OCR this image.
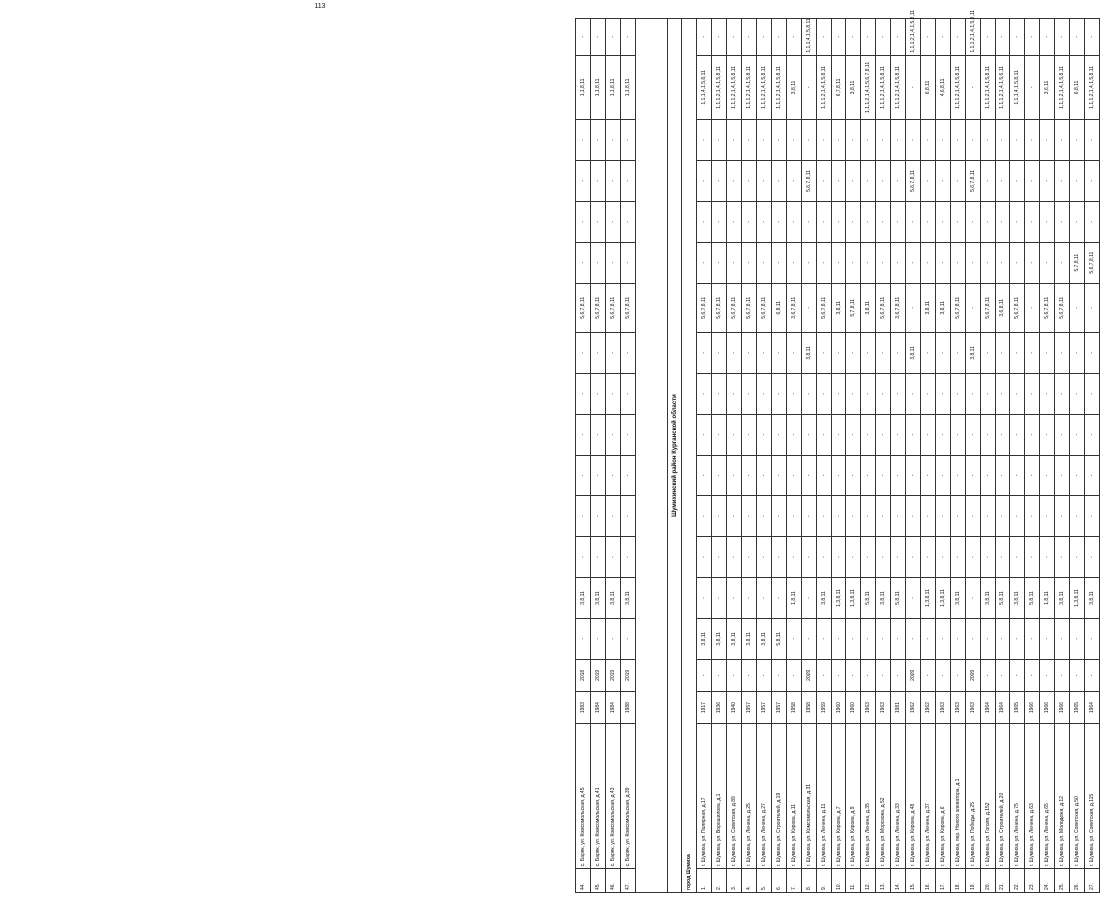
113
44.	с. Баряк, ул. Комсомольская, д.45	1983	2018	-	3,8,11	-	-	-	-	-	-	5,6,7,8,11	-	-	-	-	1,1,8,11	-
45.	с. Баряк, ул. Комсомольская, д.41	1984	2019	-	3,8,11	-	-	-	-	-	-	5,6,7,8,11	-	-	-	-	1,1,8,11	-
46.	с. Баряк, ул. Комсомольская, д.43	1984	2019	-	3,8,11	-	-	-	-	-	-	5,6,7,8,11	-	-	-	-	1,1,8,11	-
47.	с. Баряк, ул. Комсомольская, д.39	1988	2019	-	3,8,11	-	-	-	-	-	-	5,6,7,8,11	-	-	-	-	1,1,8,11	-

Шумихинский район Курганской области																		
город Шумиха																		
1.	г. Шумиха, ул. Полярная, д.17	1917	-	3,8,11	-	-	-	-	-	-	-	5,6,7,8,11	-	-	-	-	1,1,1,4,1,5,8,11	-
2.	г. Шумиха, ул. Ворошилова, д.1	1936	-	3,8,11	-	-	-	-	-	-	-	5,6,7,8,11	-	-	-	-	1,1,1,2,1,4,1,5,8,11	-
3.	г. Шумиха, ул. Советская, д.89	1940	-	3,8,11	-	-	-	-	-	-	-	5,6,7,8,11	-	-	-	-	1,1,1,2,1,4,1,5,8,11	-
4.	г. Шумиха, ул. Ленина, д.25	1957	-	3,8,11	-	-	-	-	-	-	-	5,6,7,8,11	-	-	-	-	1,1,1,2,1,4,1,5,8,11	-
5.	г. Шумиха, ул. Ленина, д.27	1957	-	3,8,11	-	-	-	-	-	-	-	5,6,7,8,11	-	-	-	-	1,1,1,2,1,4,1,5,8,11	-
6.	г. Шумиха, ул. Строителей, д.19	1957	-	5,8,11	-	-	-	-	-	-	-	6,8,11	-	-	-	-	1,1,1,2,1,4,1,5,8,11	-
7.	г. Шумиха, ул. Кирова, д.11	1958	-	-	1,8,11	-	-	-	-	-	-	3,6,7,8,11	-	-	-	-	3,8,11	-
8.	г. Шумиха, ул. Комсомольская, д.31	1958	2009	-	-	-	-	-	-	-	3,8,11	-	-	-	5,6,7,8,11	-	-	1,1,1,4,1,5,8,11
9.	г. Шумиха, ул. Ленина, д.11	1959	-	-	3,8,11	-	-	-	-	-	-	5,6,7,8,11	-	-	-	-	1,1,1,2,1,4,1,5,8,11	-
10.	г. Шумиха, ул. Кирова, д.7	1960	-	-	1,3,8,11	-	-	-	-	-	-	3,8,11	-	-	-	-	6,7,8,11	-
11.	г. Шумиха, ул. Кирова, д.9	1960	-	-	1,3,8,11	-	-	-	-	-	-	5,7,8,11	-	-	-	-	3,8,11	-
12.	г. Шумиха, ул. Ленина, д.35	1963	-	-	5,8,11	-	-	-	-	-	-	3,8,11	-	-	-	-	1,1,1,2,1,4,1,5,6,7,8,11	-
13.	г. Шумиха, ул. Морозова, д.52	1963	-	-	3,8,11	-	-	-	-	-	-	5,6,7,8,11	-	-	-	-	1,1,1,2,1,4,1,5,8,11	-
14.	г. Шумиха, ул. Ленина, д.33	1981	-	-	5,8,11	-	-	-	-	-	-	3,6,7,8,11	-	-	-	-	1,1,1,2,1,4,1,5,8,11	-
15.	г. Шумиха, ул. Кирова, д.48	1962	2009	-	-	-	-	-	-	-	3,8,11	-	-	-	5,6,7,8,11	-	-	1,1,1,2,1,4,1,5,8,11
16.	г. Шумиха, ул. Ленина, д.37	1962	-	-	1,3,8,11	-	-	-	-	-	-	3,8,11	-	-	-	-	6,8,11	-
17.	г. Шумиха, ул. Кирова, д.6	1963	-	-	1,3,8,11	-	-	-	-	-	-	3,8,11	-	-	-	-	4,6,8,11	-
18.	г. Шумиха, пер. Нового элеватора, д.1	1963	-	-	3,8,11	-	-	-	-	-	-	5,6,7,8,11	-	-	-	-	1,1,1,2,1,4,1,5,8,11	-
19.	г. Шумиха, ул. Победы, д.25	1963	2009	-	-	-	-	-	-	-	3,8,11	-	-	-	5,6,7,8,11	-	-	1,1,1,2,1,4,1,5,8,11
20.	г. Шумиха, ул. Гоголя, д.152	1964	-	-	3,8,11	-	-	-	-	-	-	5,6,7,8,11	-	-	-	-	1,1,1,2,1,4,1,5,8,11	-
21.	г. Шумиха, ул. Строителей, д.20	1964	-	-	5,8,11	-	-	-	-	-	-	3,6,8,11	-	-	-	-	1,1,1,2,1,4,1,5,6,11	-
22.	г. Шумиха, ул. Ленина, д.75	1965	-	-	3,8,11	-	-	-	-	-	-	5,6,7,8,11	-	-	-	-	1,1,1,4,1,5,8,11	-
23.	г. Шумиха, ул. Ленина, д.63	1966	-	-	5,8,11	-	-	-	-	-	-	-	-	-	-	-	-	-
24.	г. Шумиха, ул. Ленина, д.65	1966	-	-	1,8,11	-	-	-	-	-	-	5,6,7,8,11	-	-	-	-	3,6,11	-
25.	г. Шумиха, ул. Молодежи, д.12	1966	-	-	3,8,11	-	-	-	-	-	-	5,6,7,8,11	-	-	-	-	1,1,1,2,1,4,1,5,8,11	-
26.	г. Шумиха, ул. Советская, д.50	1965	-	-	1,3,8,11	-	-	-	-	-	-	-	5,7,8,11	-	-	-	6,8,11	-
27.	г. Шумиха, ул. Советская, д.115	1964	-	-	3,8,11	-	-	-	-	-	-	-	5,6,7,8,11	-	-	-	1,1,1,2,1,4,1,5,8,11	-
